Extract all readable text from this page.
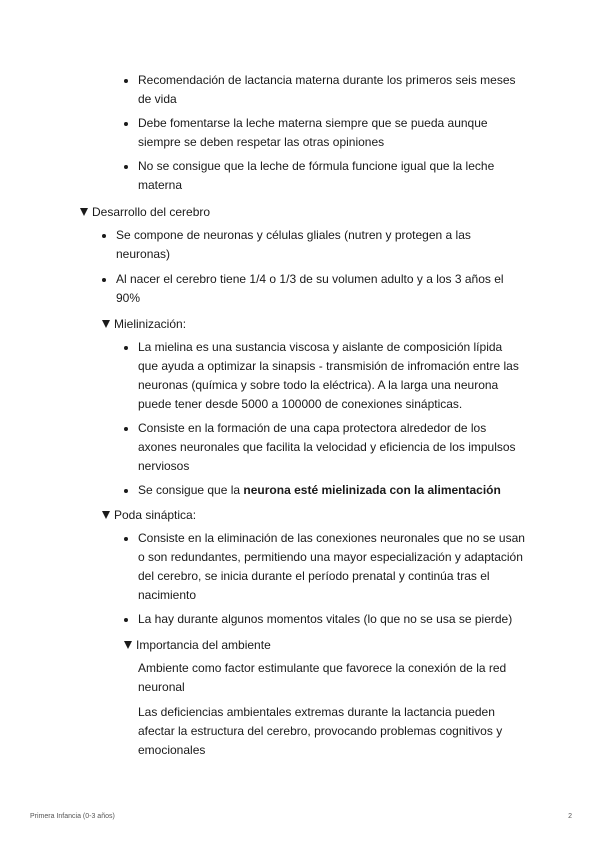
Recomendación de lactancia materna durante los primeros seis meses de vida
Debe fomentarse la leche materna siempre que se pueda aunque siempre se deben respetar las otras opiniones
No se consigue que la leche de fórmula funcione igual que la leche materna
Desarrollo del cerebro
Se compone de neuronas y células gliales (nutren y protegen a las neuronas)
Al nacer el cerebro tiene 1/4 o 1/3 de su volumen adulto y a los 3 años el 90%
Mielinización:
La mielina es una sustancia viscosa y aislante de composición lípida que ayuda a optimizar la sinapsis - transmisión de infromación entre las neuronas (química y sobre todo la eléctrica). A la larga una neurona puede tener desde 5000 a 100000 de conexiones sinápticas.
Consiste en la formación de una capa protectora alrededor de los axones neuronales que facilita la velocidad y eficiencia de los impulsos nerviosos
Se consigue que la neurona esté mielinizada con la alimentación
Poda sináptica:
Consiste en la eliminación de las conexiones neuronales que no se usan o son redundantes, permitiendo una mayor especialización y adaptación del cerebro, se inicia durante el período prenatal y continúa tras el nacimiento
La hay durante algunos momentos vitales (lo que no se usa se pierde)
Importancia del ambiente
Ambiente como factor estimulante que favorece la conexión de la red neuronal
Las deficiencias ambientales extremas durante la lactancia pueden afectar la estructura del cerebro, provocando problemas cognitivos y emocionales
Primera Infancia (0-3 años)	2
